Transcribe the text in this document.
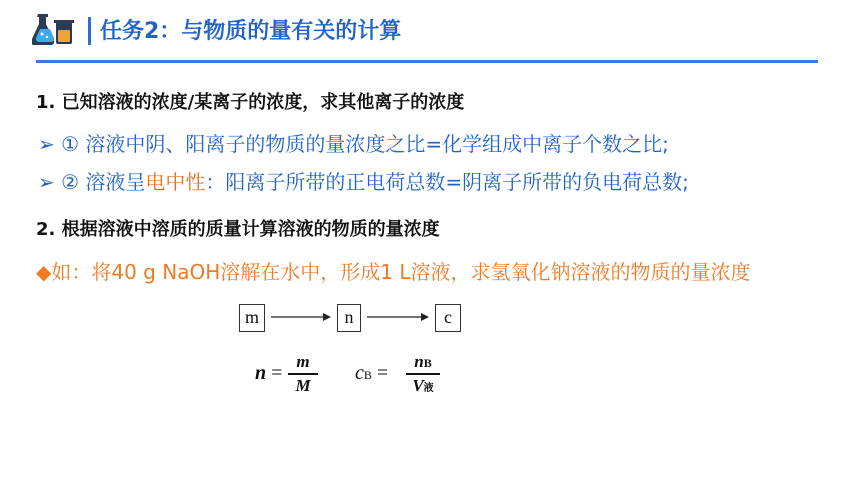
任务2：与物质的量有关的计算
1. 已知溶液的浓度/某离子的浓度，求其他离子的浓度
➢ ① 溶液中阴、阳离子的物质的量浓度之比=化学组成中离子个数之比;
➢ ② 溶液呈电中性：阳离子所带的正电荷总数=阴离子所带的负电荷总数;
2. 根据溶液中溶质的质量计算溶液的物质的量浓度
◆如：将40 g NaOH溶解在水中，形成1 L溶液，求氢氧化钠溶液的物质的量浓度
m	n	c
n =
m
M
cB =
nB
V液
